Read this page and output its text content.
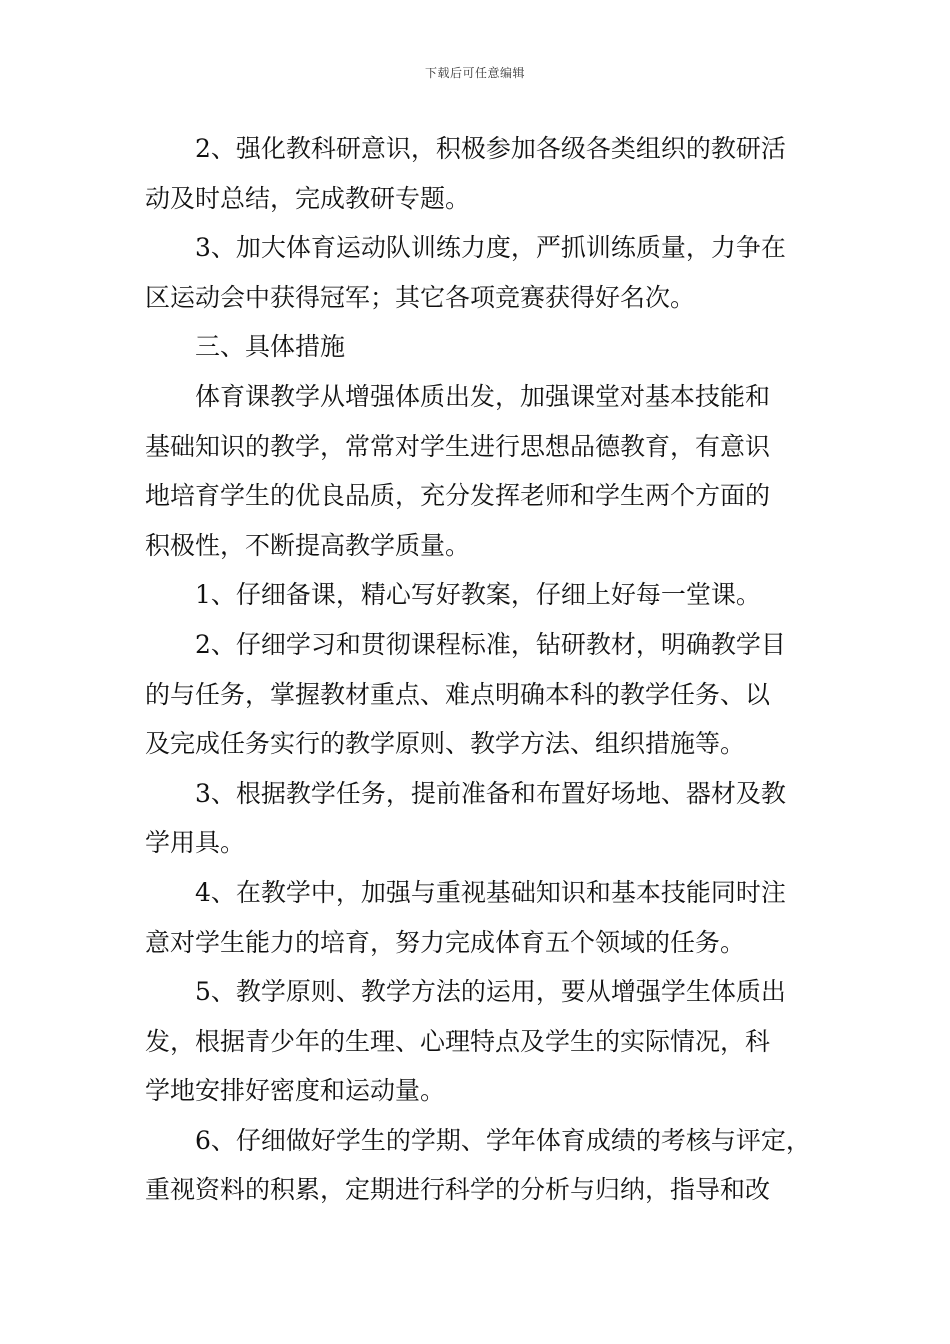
下载后可任意编辑
2、强化教科研意识，积极参加各级各类组织的教研活
动及时总结，完成教研专题。
3、加大体育运动队训练力度，严抓训练质量，力争在
区运动会中获得冠军；其它各项竞赛获得好名次。
三、具体措施
体育课教学从增强体质出发，加强课堂对基本技能和
基础知识的教学，常常对学生进行思想品德教育，有意识
地培育学生的优良品质，充分发挥老师和学生两个方面的
积极性，不断提高教学质量。
1、仔细备课，精心写好教案，仔细上好每一堂课。
2、仔细学习和贯彻课程标准，钻研教材，明确教学目
的与任务，掌握教材重点、难点明确本科的教学任务、以
及完成任务实行的教学原则、教学方法、组织措施等。
3、根据教学任务，提前准备和布置好场地、器材及教
学用具。
4、在教学中，加强与重视基础知识和基本技能同时注
意对学生能力的培育，努力完成体育五个领域的任务。
5、教学原则、教学方法的运用，要从增强学生体质出
发，根据青少年的生理、心理特点及学生的实际情况，科
学地安排好密度和运动量。
6、仔细做好学生的学期、学年体育成绩的考核与评定，
重视资料的积累，定期进行科学的分析与归纳，指导和改
